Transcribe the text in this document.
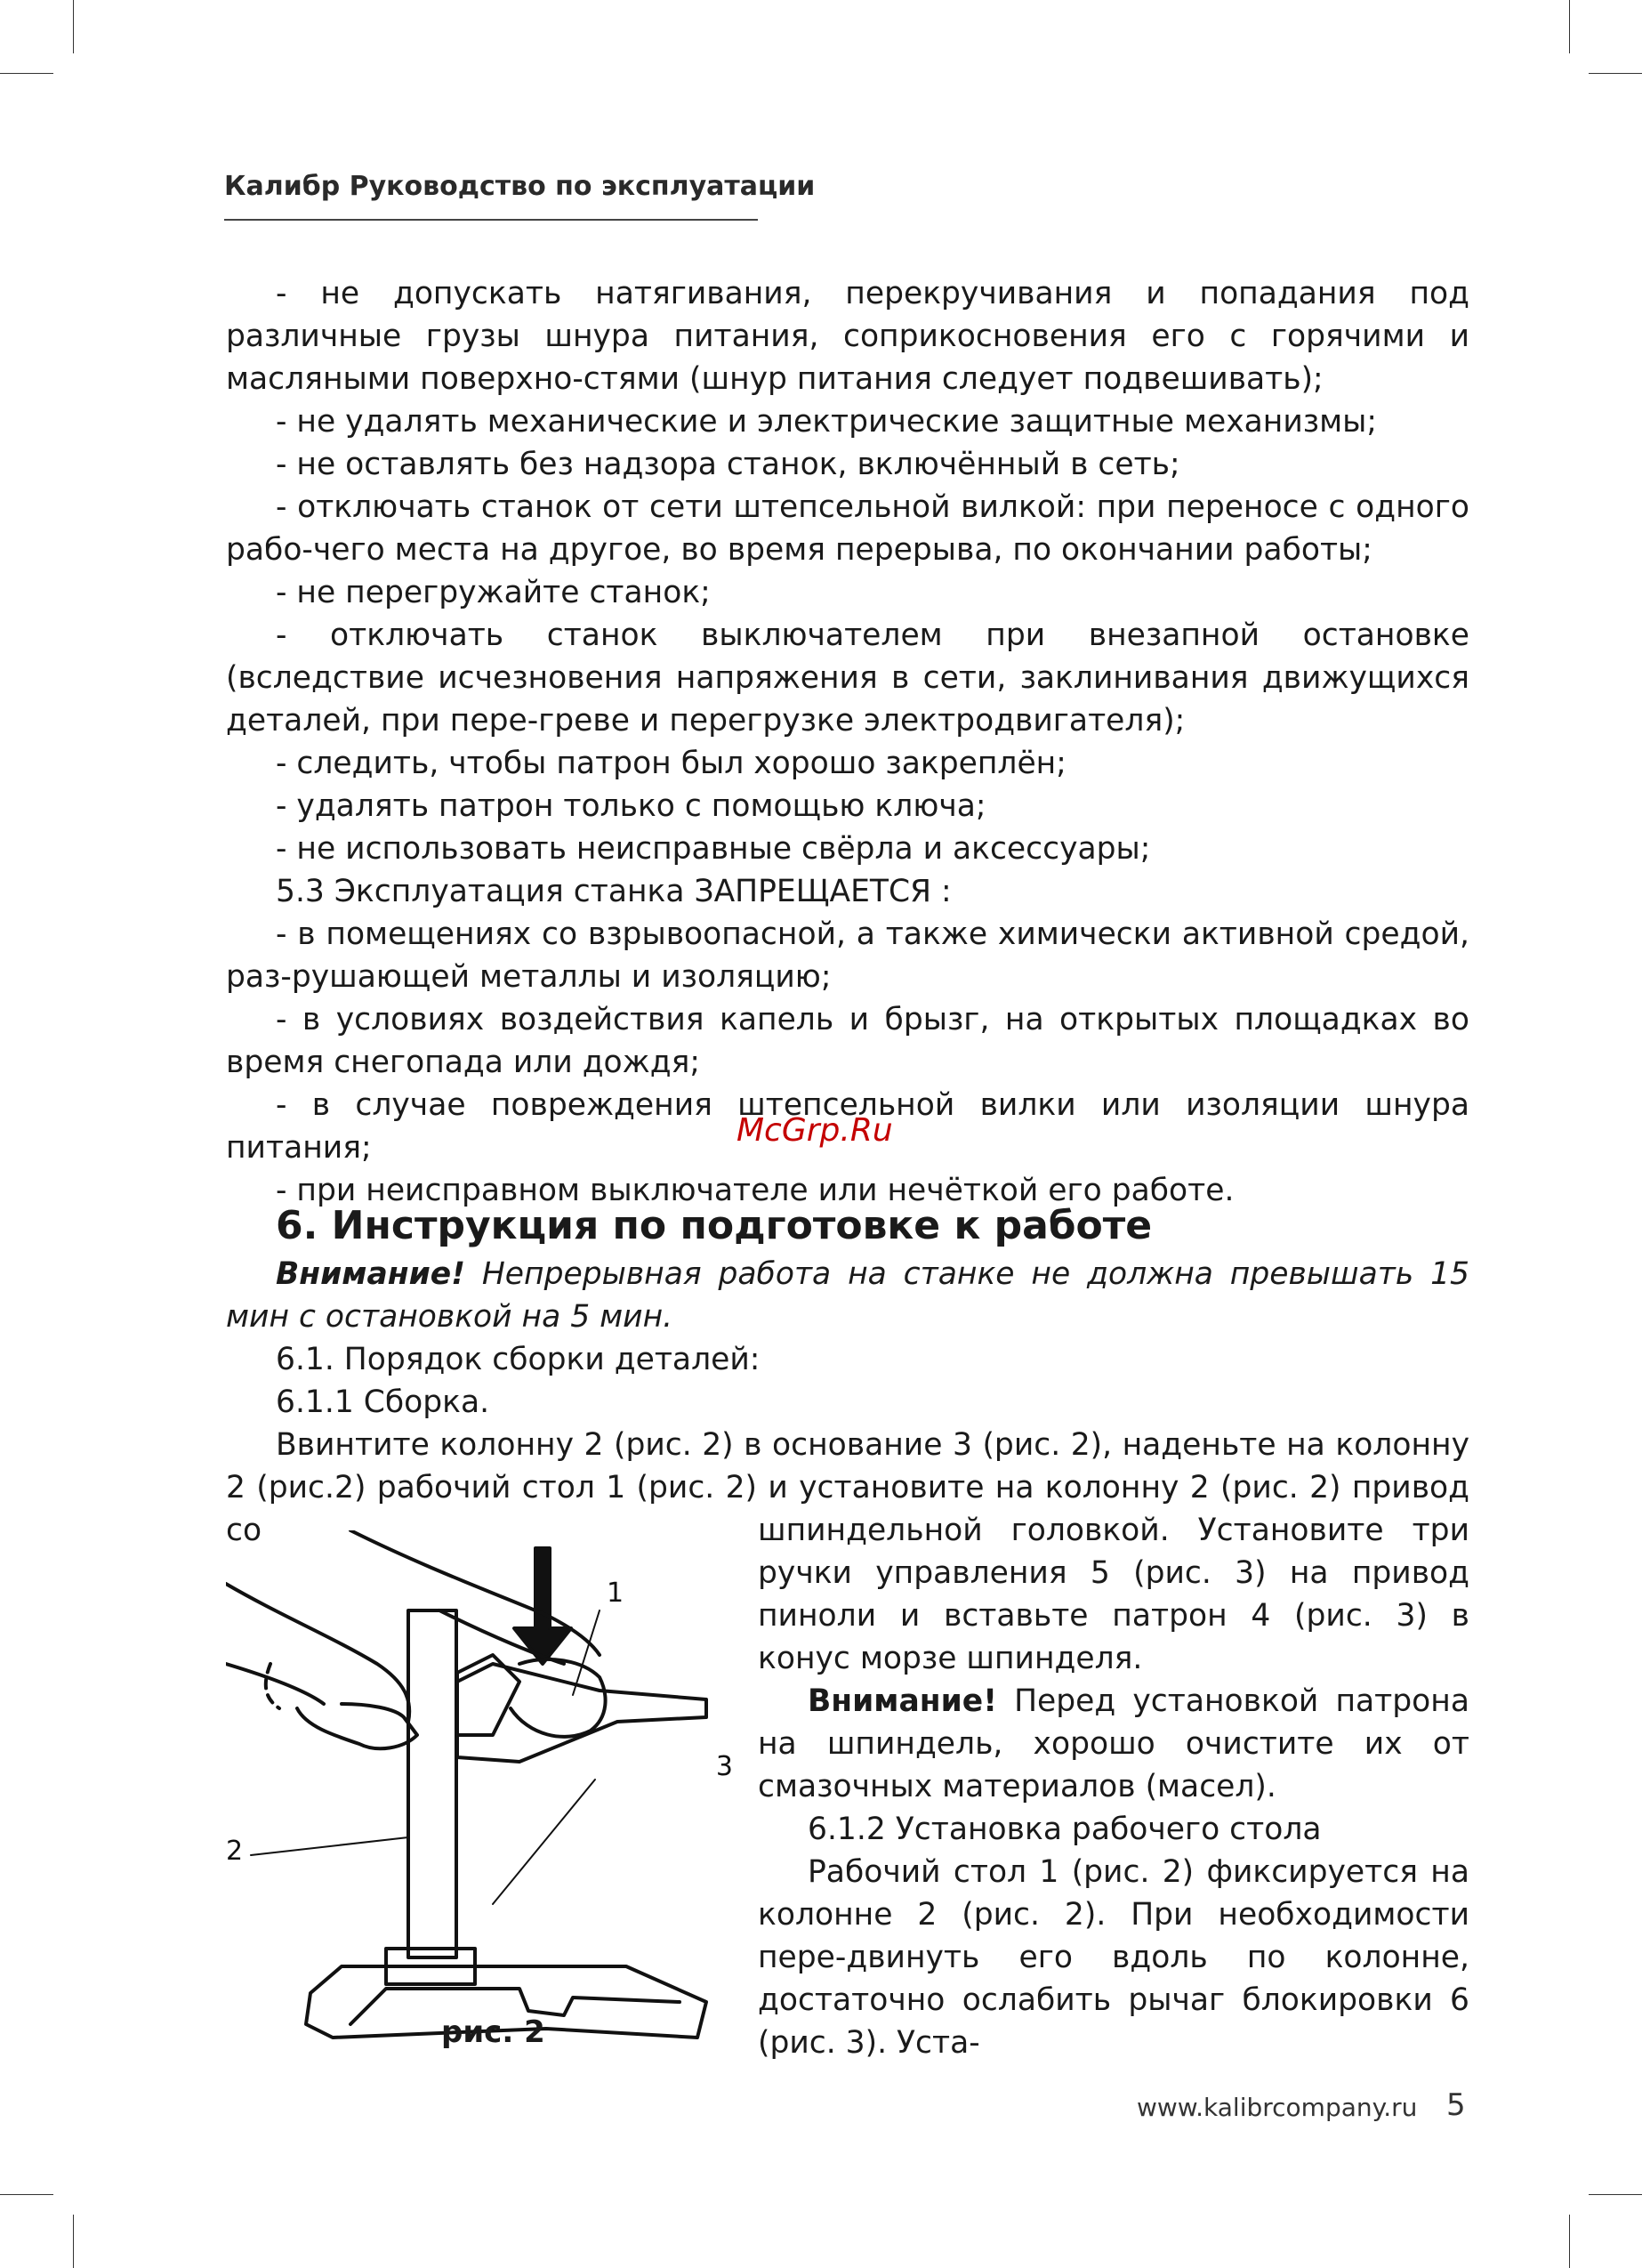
Калибр Руководство по эксплуатации

- не допускать натягивания, перекручивания и попадания под различные грузы шнура питания, соприкосновения его с горячими и масляными поверхно-стями (шнур питания следует подвешивать);

- не удалять механические и электрические защитные механизмы;

- не оставлять без надзора станок, включённый в сеть;

- отключать станок от сети штепсельной вилкой: при переносе с одного рабо-чего места на другое, во время перерыва, по окончании работы;

- не перегружайте станок;

- отключать станок выключателем при внезапной остановке (вследствие исчезновения напряжения в сети, заклинивания движущихся деталей, при пере-греве и перегрузке электродвигателя);

- следить, чтобы патрон был хорошо закреплён;

- удалять патрон только с помощью ключа;

- не использовать неисправные свёрла и аксессуары;

5.3 Эксплуатация станка ЗАПРЕЩАЕТСЯ :

- в помещениях со взрывоопасной, а также химически активной средой, раз-рушающей металлы и изоляцию;

- в условиях воздействия капель и брызг, на открытых площадках во время снегопада или дождя;

- в случае повреждения штепсельной вилки или изоляции шнура питания;

- при неисправном выключателе или нечёткой его работе.

McGrp.Ru
6. Инструкция по подготовке к работе

Внимание! Непрерывная работа на станке не должна превышать 15 мин с остановкой на 5 мин.

6.1. Порядок сборки деталей:

6.1.1 Сборка.

Ввинтите колонну 2 (рис. 2) в основание 3 (рис. 2), наденьте на колонну 2 (рис.2) рабочий стол 1 (рис. 2) и установите на колонну 2 (рис. 2) привод со	шпиндельной головкой. Установите три ручки управления 5 (рис. 3) на привод пиноли и вставьте патрон 4 (рис. 3) в конус морзе шпинделя.

Внимание! Перед установкой патрона на шпиндель, хорошо очистите их от смазочных материалов (масел).

6.1.2 Установка рабочего стола

Рабочий стол 1 (рис. 2) фиксируется на колонне 2 (рис. 2). При необходимости пере-двинуть его вдоль по колонне, достаточно ослабить рычаг блокировки 6 (рис. 3). Уста-

1
3
2
рис. 2
www.kalibrcompany.ru 5
